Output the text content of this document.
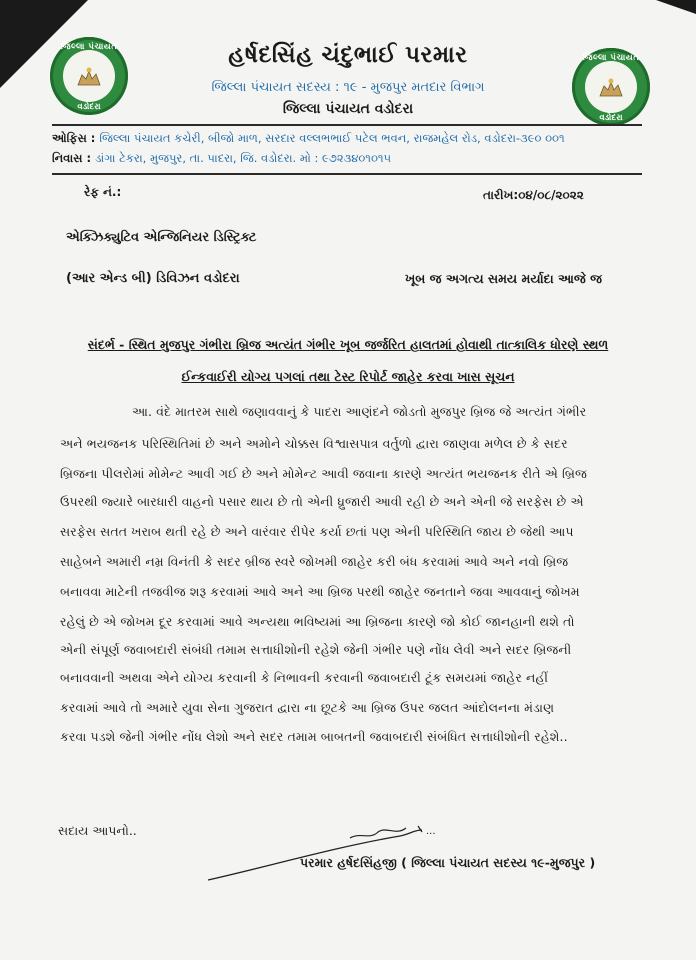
જિલ્લા પંચાયત
વડોદરા
જિલ્લા પંચાયત
વડોદરા
હર્ષદસિંહ ચંદુભાઈ પરમાર
જિલ્લા પંચાયત સદસ્ય : ૧૯ - મુજપુર મતદાર વિભાગ
જિલ્લા પંચાયત વડોદરા
ઓફિસ : જિલ્લા પંચાયત કચેરી, બીજો માળ, સરદાર વલ્લભભાઈ પટેલ ભવન, રાજમહેલ રોડ, વડોદરા-૩૯૦ ૦૦૧
નિવાસ : ડાંગા ટેકરા, મુજપુર, તા. પાદરા, જિ. વડોદરા. મો : ૯૭૨૩૪૦૧૦૧૫
રેફ નં.:	તારીખ:૦૪/૦૮/૨૦૨૨
એક્ઝિક્યુટિવ એન્જિનિયર ડિસ્ટ્રિક્ટ
(આર એન્ડ બી) ડિવિઝન વડોદરા	ખૂબ જ અગત્ય સમય મર્યાદા આજે જ
સંદર્ભ - સ્થિત મુજપુર ગંભીરા બ્રિજ અત્યંત ગંભીર ખૂબ જર્જરિત હાલતમાં હોવાથી તાત્કાલિક ધોરણે સ્થળ
ઈન્કવાઈરી યોગ્ય પગલાં તથા ટેસ્ટ રિપોર્ટ જાહેર કરવા ખાસ સૂચન
આ. વંદે માતરમ સાથે જણાવવાનું કે પાદરા આણંદને જોડતો મુજપુર બ્રિજ જે અત્યંત ગંભીર
અને ભયજનક પરિસ્થિતિમાં છે અને અમોને ચોક્કસ વિશ્વાસપાત્ર વર્તુળો દ્વારા જાણવા મળેલ છે કે સદર
બ્રિજના પીલરોમાં મોમેન્ટ આવી ગઈ છે અને મોમેન્ટ આવી જવાના કારણે અત્યંત ભયજનક રીતે એ બ્રિજ
ઉપરથી જ્યારે બારધારી વાહનો પસાર થાય છે તો એની ધ્રુજારી આવી રહી છે અને એની જે સરફેસ છે એ
સરફેસ સતત ખરાબ થતી રહે છે અને વારંવાર રીપેર કર્યા છતાં પણ એની પરિસ્થિતિ જાય છે જેથી આપ
સાહેબને અમારી નમ્ર વિનંતી કે સદર બ્રીજ સ્વરે જોખમી જાહેર કરી બંધ કરવામાં આવે અને નવો બ્રિજ
બનાવવા માટેની તજવીજ શરૂ કરવામાં આવે અને આ બ્રિજ પરથી જાહેર જનતાને જવા આવવાનું જોખમ
રહેલું છે એ જોખમ દૂર કરવામાં આવે અન્યથા ભવિષ્યમાં આ બ્રિજના કારણે જો કોઈ જાનહાની થશે તો
એની સંપૂર્ણ જવાબદારી સંબંધી તમામ સત્તાધીશોની રહેશે જેની ગંભીર પણે નોંધ લેવી અને સદર બ્રિજની
બનાવવાની અથવા એને યોગ્ય કરવાની કે નિભાવની કરવાની જવાબદારી ટૂંક સમયમાં જાહેર નહીં
કરવામાં આવે તો અમારે યુવા સેના ગુજરાત દ્વારા ના છૂટકે આ બ્રિજ ઉપર જલત આંદોલનના મંડાણ
કરવા પડશે જેની ગંભીર નોંધ લેશો અને સદર તમામ બાબતની જવાબદારી સંબંધિત સત્તાધીશોની રહેશે..
સદાય આપનો..	...
પરમાર હર્ષદસિંહજી ( જિલ્લા પંચાયત સદસ્ય ૧૯-મુજપુર )
